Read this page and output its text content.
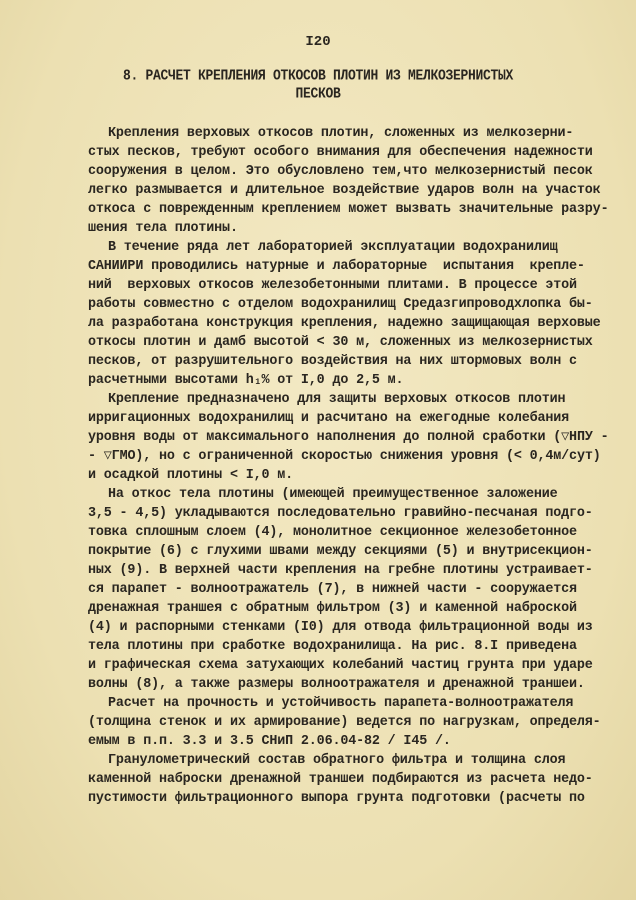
I20
8. РАСЧЕТ КРЕПЛЕНИЯ ОТКОСОВ ПЛОТИН ИЗ МЕЛКОЗЕРНИСТЫХ
ПЕСКОВ
Крепления верховых откосов плотин, сложенных из мелкозерни-
стых песков, требуют особого внимания для обеспечения надежности
сооружения в целом. Это обусловлено тем,что мелкозернистый песок
легко размывается и длительное воздействие ударов волн на участок
откоса с поврежденным креплением может вызвать значительные разру-
шения тела плотины.
В течение ряда лет лабораторией эксплуатации водохранилищ
САНИИРИ проводились натурные и лабораторные  испытания  крепле-
ний  верховых откосов железобетонными плитами. В процессе этой
работы совместно с отделом водохранилищ Средазгипроводхлопка бы-
ла разработана конструкция крепления, надежно защищающая верховые
откосы плотин и дамб высотой < 30 м, сложенных из мелкозернистых
песков, от разрушительного воздействия на них штормовых волн с
расчетными высотами h₁% от I,0 до 2,5 м.
Крепление предназначено для защиты верховых откосов плотин
ирригационных водохранилищ и расчитано на ежегодные колебания
уровня воды от максимального наполнения до полной сработки (▽НПУ -
- ▽ГМО), но с ограниченной скоростью снижения уровня (< 0,4м/сут)
и осадкой плотины < I,0 м.
На откос тела плотины (имеющей преимущественное заложение
3,5 - 4,5) укладываются последовательно гравийно-песчаная подго-
товка сплошным слоем (4), монолитное секционное железобетонное
покрытие (6) с глухими швами между секциями (5) и внутрисекцион-
ных (9). В верхней части крепления на гребне плотины устраивает-
ся парапет - волноотражатель (7), в нижней части - сооружается
дренажная траншея с обратным фильтром (3) и каменной наброской
(4) и распорными стенками (I0) для отвода фильтрационной воды из
тела плотины при сработке водохранилища. На рис. 8.I приведена
и графическая схема затухающих колебаний частиц грунта при ударе
волны (8), а также размеры волноотражателя и дренажной траншеи.
Расчет на прочность и устойчивость парапета-волноотражателя
(толщина стенок и их армирование) ведется по нагрузкам, определя-
емым в п.п. 3.3 и 3.5 СНиП 2.06.04-82 / I45 /.
Гранулометрический состав обратного фильтра и толщина слоя
каменной наброски дренажной траншеи подбираются из расчета недо-
пустимости фильтрационного выпора грунта подготовки (расчеты по
